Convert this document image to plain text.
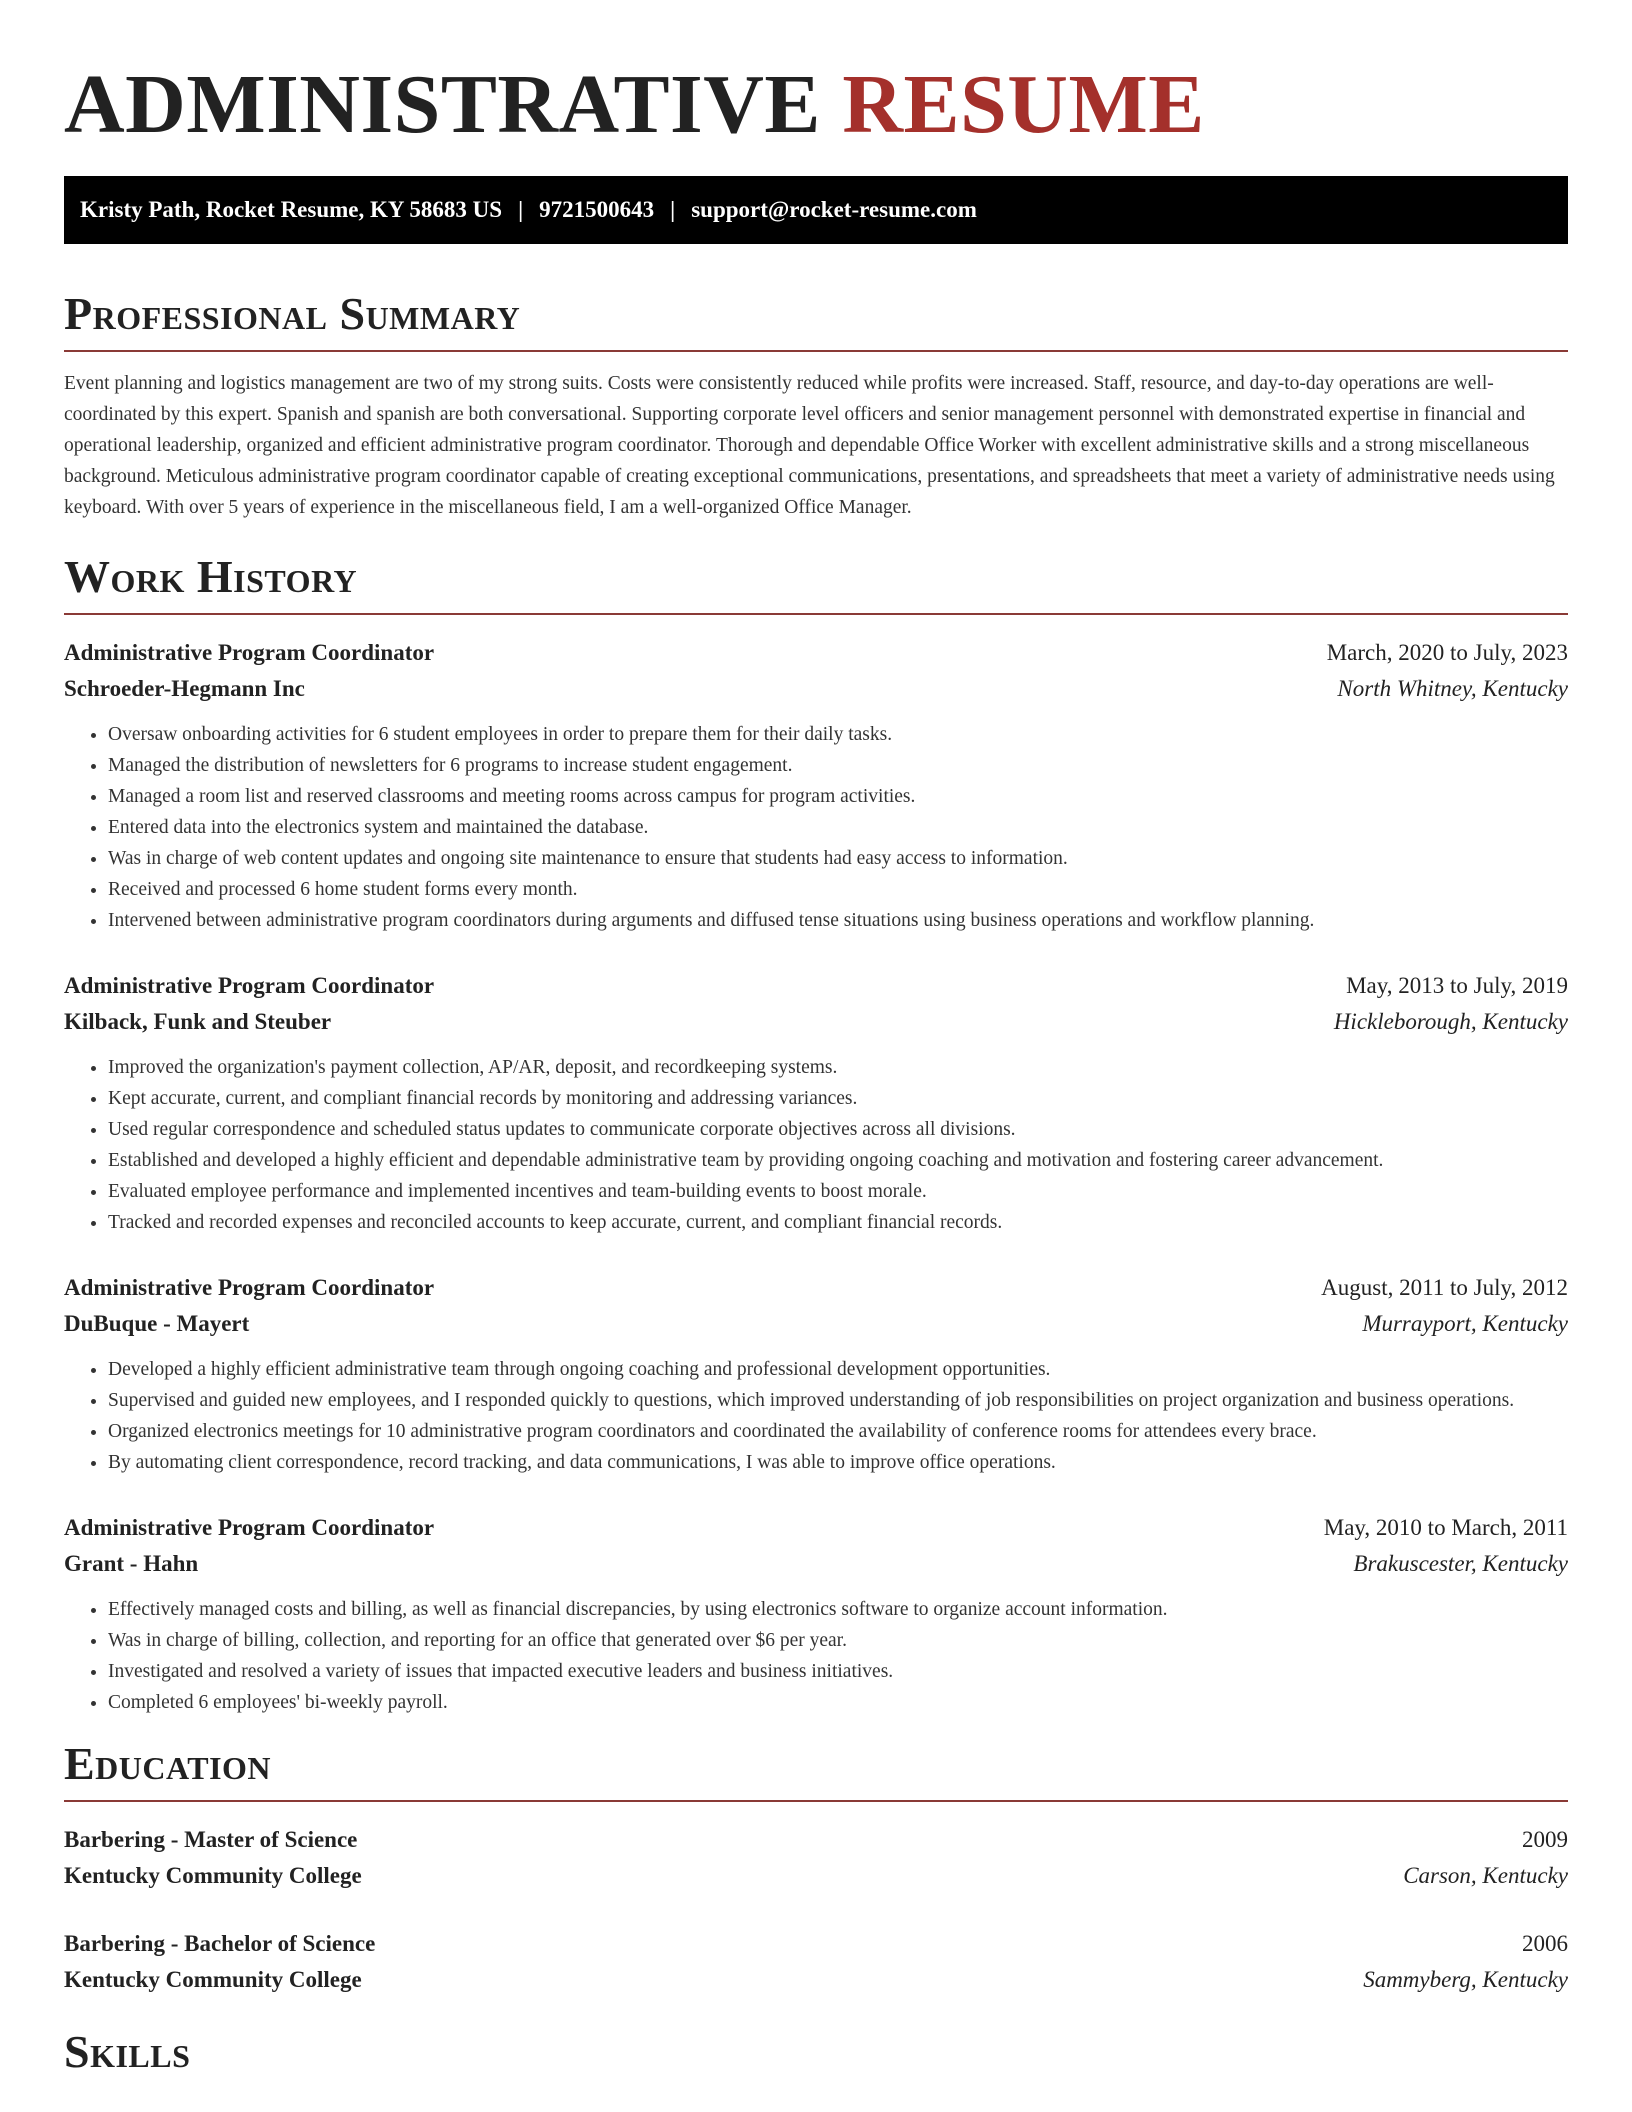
ADMINISTRATIVE RESUME
Kristy Path, Rocket Resume, KY 58683 US | 9721500643 | support@rocket-resume.com
Professional Summary

Event planning and logistics management are two of my strong suits. Costs were consistently reduced while profits were increased. Staff, resource, and day-to-day operations are well-coordinated by this expert. Spanish and spanish are both conversational. Supporting corporate level officers and senior management personnel with demonstrated expertise in financial and operational leadership, organized and efficient administrative program coordinator. Thorough and dependable Office Worker with excellent administrative skills and a strong miscellaneous background. Meticulous administrative program coordinator capable of creating exceptional communications, presentations, and spreadsheets that meet a variety of administrative needs using keyboard. With over 5 years of experience in the miscellaneous field, I am a well-organized Office Manager.

Work History
Administrative Program Coordinator	March, 2020 to July, 2023
Schroeder-Hegmann Inc	North Whitney, Kentucky
• Oversaw onboarding activities for 6 student employees in order to prepare them for their daily tasks.
• Managed the distribution of newsletters for 6 programs to increase student engagement.
• Managed a room list and reserved classrooms and meeting rooms across campus for program activities.
• Entered data into the electronics system and maintained the database.
• Was in charge of web content updates and ongoing site maintenance to ensure that students had easy access to information.
• Received and processed 6 home student forms every month.
• Intervened between administrative program coordinators during arguments and diffused tense situations using business operations and workflow planning.
Administrative Program Coordinator	May, 2013 to July, 2019
Kilback, Funk and Steuber	Hickleborough, Kentucky
• Improved the organization's payment collection, AP/AR, deposit, and recordkeeping systems.
• Kept accurate, current, and compliant financial records by monitoring and addressing variances.
• Used regular correspondence and scheduled status updates to communicate corporate objectives across all divisions.
• Established and developed a highly efficient and dependable administrative team by providing ongoing coaching and motivation and fostering career advancement.
• Evaluated employee performance and implemented incentives and team-building events to boost morale.
• Tracked and recorded expenses and reconciled accounts to keep accurate, current, and compliant financial records.
Administrative Program Coordinator	August, 2011 to July, 2012
DuBuque - Mayert	Murrayport, Kentucky
• Developed a highly efficient administrative team through ongoing coaching and professional development opportunities.
• Supervised and guided new employees, and I responded quickly to questions, which improved understanding of job responsibilities on project organization and business operations.
• Organized electronics meetings for 10 administrative program coordinators and coordinated the availability of conference rooms for attendees every brace.
• By automating client correspondence, record tracking, and data communications, I was able to improve office operations.
Administrative Program Coordinator	May, 2010 to March, 2011
Grant - Hahn	Brakuscester, Kentucky
• Effectively managed costs and billing, as well as financial discrepancies, by using electronics software to organize account information.
• Was in charge of billing, collection, and reporting for an office that generated over $6 per year.
• Investigated and resolved a variety of issues that impacted executive leaders and business initiatives.
• Completed 6 employees' bi-weekly payroll.
Education
Barbering - Master of Science	2009
Kentucky Community College	Carson, Kentucky
Barbering - Bachelor of Science	2006
Kentucky Community College	Sammyberg, Kentucky
Skills
